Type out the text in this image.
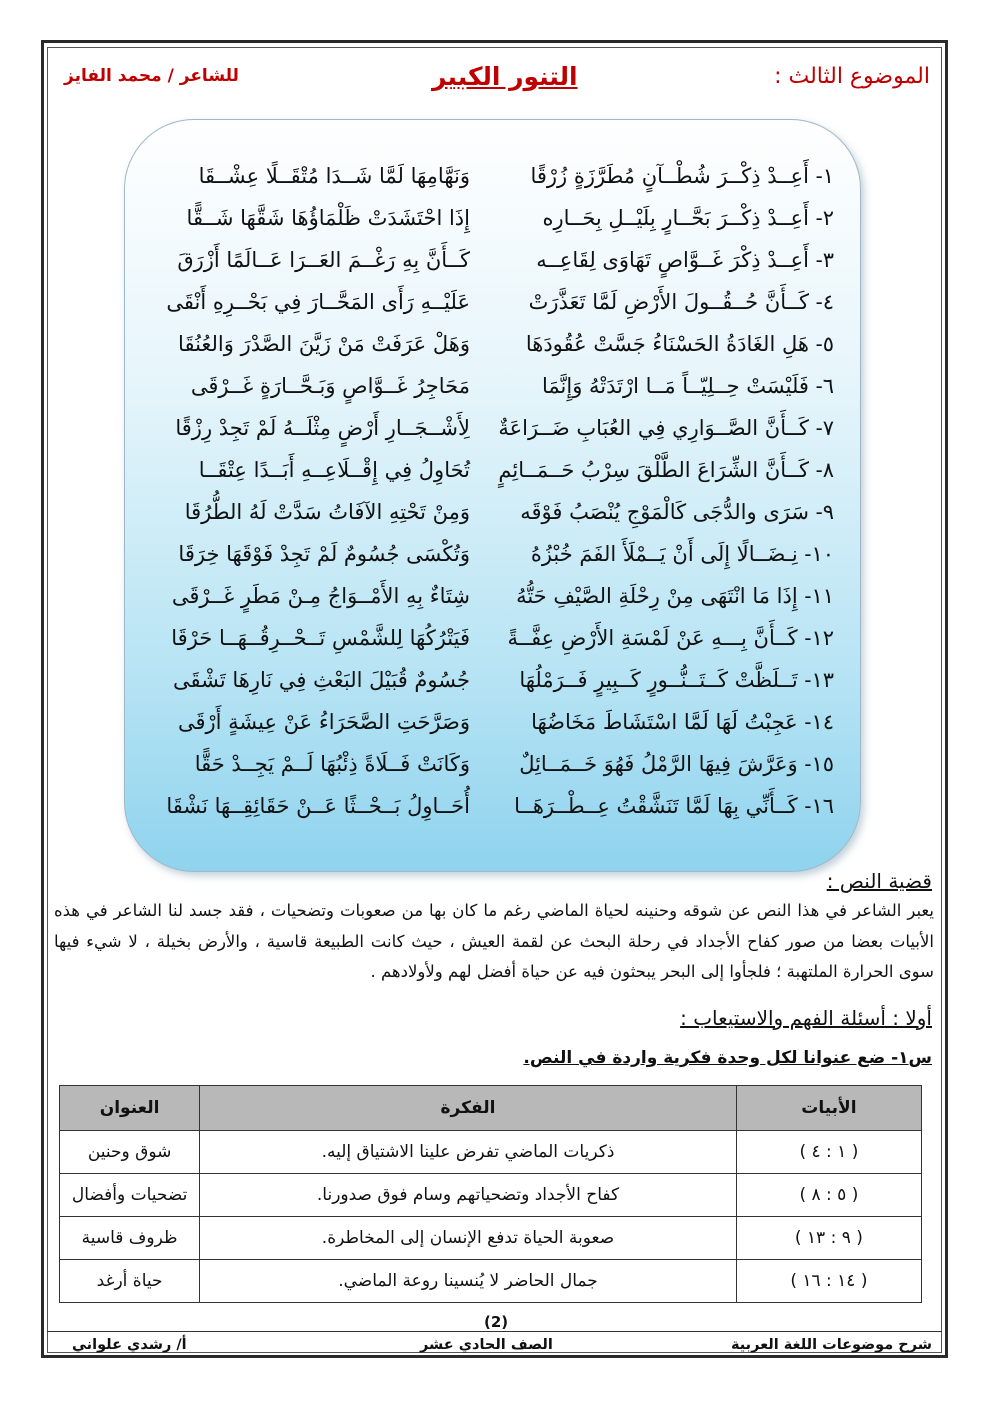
الموضوع الثالث :
التنور الكبير
للشاعر / محمد الفايز
١- أَعِــدْ ذِكْــرَ شُطْــآنٍ مُطَرَّزَةٍ زُرْقًا
وَنَهَّامِهَا لَمَّا شَــدَا مُتْقَــلًا عِشْــقَا
٢- أَعِــدْ ذِكْــرَ بَحَّــارٍ بِلَيْــلِ بِحَــارِه
إِذَا احْتَشَدَتْ ظَلْمَاؤُهَا شَقَّهَا شَــقًّا
٣- أَعِــدْ ذِكْرَ غَــوَّاصٍ تَهَاوَى لِقَاعِــه
كَــأَنَّ بِهِ رَغْــمَ العَــرَا عَــالَمًا أَزْرَقَ
٤- كَــأَنَّ حُــقُــولَ الأَرْضِ لَمَّا تَعَذَّرَتْ
عَلَيْــهِ رَأَى المَحَّــارَ فِي بَحْــرِهِ أَنْقَى
٥- هَلِ الغَادَةُ الحَسْنَاءُ جَسَّتْ عُقُودَهَا
وَهَلْ عَرَفَتْ مَنْ زَيَّنَ الصَّدْرَ وَالعُنُقَا
٦- فَلَيْسَتْ حِــلِيّــاً مَــا ارْتَدَتْهُ وَإِنَّمَا
مَحَاجِرُ غَــوَّاصٍ وَبَـحَّــارَةٍ غَــرْقَى
٧- كَــأَنَّ الصَّــوَارِي فِي العُبَابِ ضَــرَاعَةٌ
لِأَشْــجَــارِ أَرْضٍ مِثْلَــهُ لَمْ تَجِدْ رِزْقًا
٨- كَــأَنَّ الشِّرَاعَ الطَّلْقَ سِرْبُ حَــمَــائِمٍ
تُحَاوِلُ فِي إِقْــلَاعِــهِ أَبَــدًا عِتْقَــا
٩- سَرَى والدُّجَى كَالْمَوْجِ يُنْصَبُ فَوْقَه
وَمِنْ تَحْتِهِ الآفَاتُ سَدَّتْ لَهُ الطُّرُقَا
١٠- نِـضَــالًا إِلَى أَنْ يَــمْلَأَ الفَمَ خُبْزُهُ
وَتُكْسَى جُسُومٌ لَمْ تَجِدْ فَوْقَهَا خِرَقَا
١١- إِذَا مَا انْتَهَى مِنْ رِحْلَةِ الصَّيْفِ حَتُّهُ
شِتَاءٌ بِهِ الأَمْــوَاجُ مِـنْ مَطَرٍ غَــرْقَى
١٢- كَــأَنَّ بِـــهِ عَنْ لَمْسَةِ الأَرْضِ عِفَّــةً
فَيَتْرُكُهَا لِلشَّمْسِ تَــحْــرِقُــهَــا حَرْقَا
١٣- تَــلَظَّتْ كَــتَــنُّــورٍ كَــبِيرٍ فَــرَمْلُهَا
جُسُومٌ قُبَيْلَ البَعْثِ فِي نَارِهَا تَشْقَى
١٤- عَجِبْتُ لَهَا لَمَّا اسْتَشَاطَ مَخَاضُهَا
وَصَرَّحَتِ الصَّحَرَاءُ عَنْ عِيشَةٍ أَرْقَى
١٥- وَعَرَّشَ فِيهَا الرَّمْلُ فَهُوَ خَــمَــائِلٌ
وَكَانَتْ فَــلَاةً ذِئْبُهَا لَــمْ يَجِــدْ حَقًّا
١٦- كَــأَنِّي بِهَا لَمَّا تَنَشَّقْتُ عِــطْــرَهَــا
أُحَــاوِلُ بَــحْــثًا عَــنْ حَقَائِقِــهَا نَشْقَا
قضية النص :
يعبر الشاعر في هذا النص عن شوقه وحنينه لحياة الماضي رغم ما كان بها من صعوبات وتضحيات ، فقد جسد لنا الشاعر في هذه الأبيات بعضا من صور كفاح الأجداد في رحلة البحث عن لقمة العيش ، حيث كانت الطبيعة قاسية ، والأرض بخيلة ، لا شيء فيها سوى الحرارة الملتهبة ؛ فلجأوا إلى البحر يبحثون فيه عن حياة أفضل لهم ولأولادهم .
أولا : أسئلة الفهم والاستيعاب :
س١- ضع عنوانا لكل وحدة فكرية واردة في النص.
الأبيات	الفكرة	العنوان
( ١ : ٤ )	ذكريات الماضي تفرض علينا الاشتياق إليه.	شوق وحنين
( ٥ : ٨ )	كفاح الأجداد وتضحياتهم وسام فوق صدورنا.	تضحيات وأفضال
( ٩ : ١٣ )	صعوبة الحياة تدفع الإنسان إلى المخاطرة.	ظروف قاسية
( ١٤ : ١٦ )	جمال الحاضر لا يُنسينا روعة الماضي.	حياة أرغد
(2)
شرح موضوعات اللغة العربية
الصف الحادي عشر
أ/ رشدي علواني
